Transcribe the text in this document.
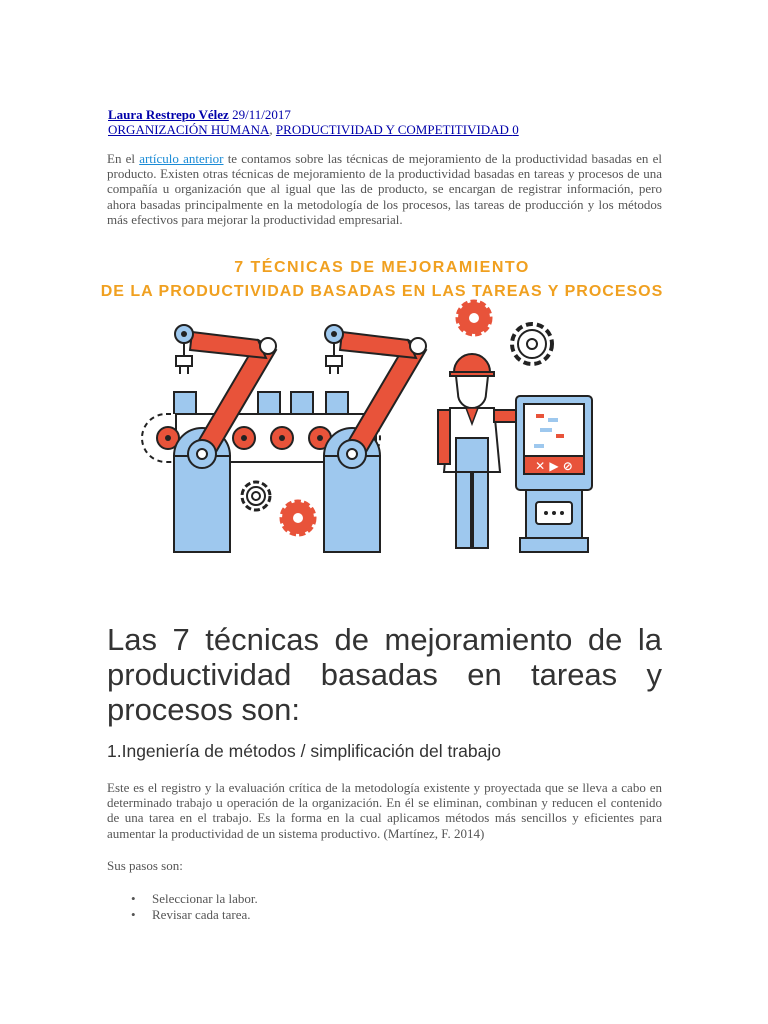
Laura Restrepo Vélez 29/11/2017
ORGANIZACIÓN HUMANA, PRODUCTIVIDAD Y COMPETITIVIDAD 0

En el artículo anterior te contamos sobre las técnicas de mejoramiento de la productividad basadas en el producto. Existen otras técnicas de mejoramiento de la productividad basadas en tareas y procesos de una compañía u organización que al igual que las de producto, se encargan de registrar información, pero ahora basadas principalmente en la metodología de los procesos, las tareas de producción y los métodos más efectivos para mejorar la productividad empresarial.

7 TÉCNICAS DE MEJORAMIENTO
DE LA PRODUCTIVIDAD BASADAS EN LAS TAREAS Y PROCESOS
✕ ▶ ⊘
Las 7 técnicas de mejoramiento de la productividad basadas en tareas y procesos son:
1.Ingeniería de métodos / simplificación del trabajo

Este es el registro y la evaluación crítica de la metodología existente y proyectada que se lleva a cabo en determinado trabajo u operación de la organización. En él se eliminan, combinan y reducen el contenido de una tarea en el trabajo. Es la forma en la cual aplicamos métodos más sencillos y eficientes para aumentar la productividad de un sistema productivo. (Martínez, F. 2014)

Sus pasos son:

• Seleccionar la labor.
• Revisar cada tarea.
